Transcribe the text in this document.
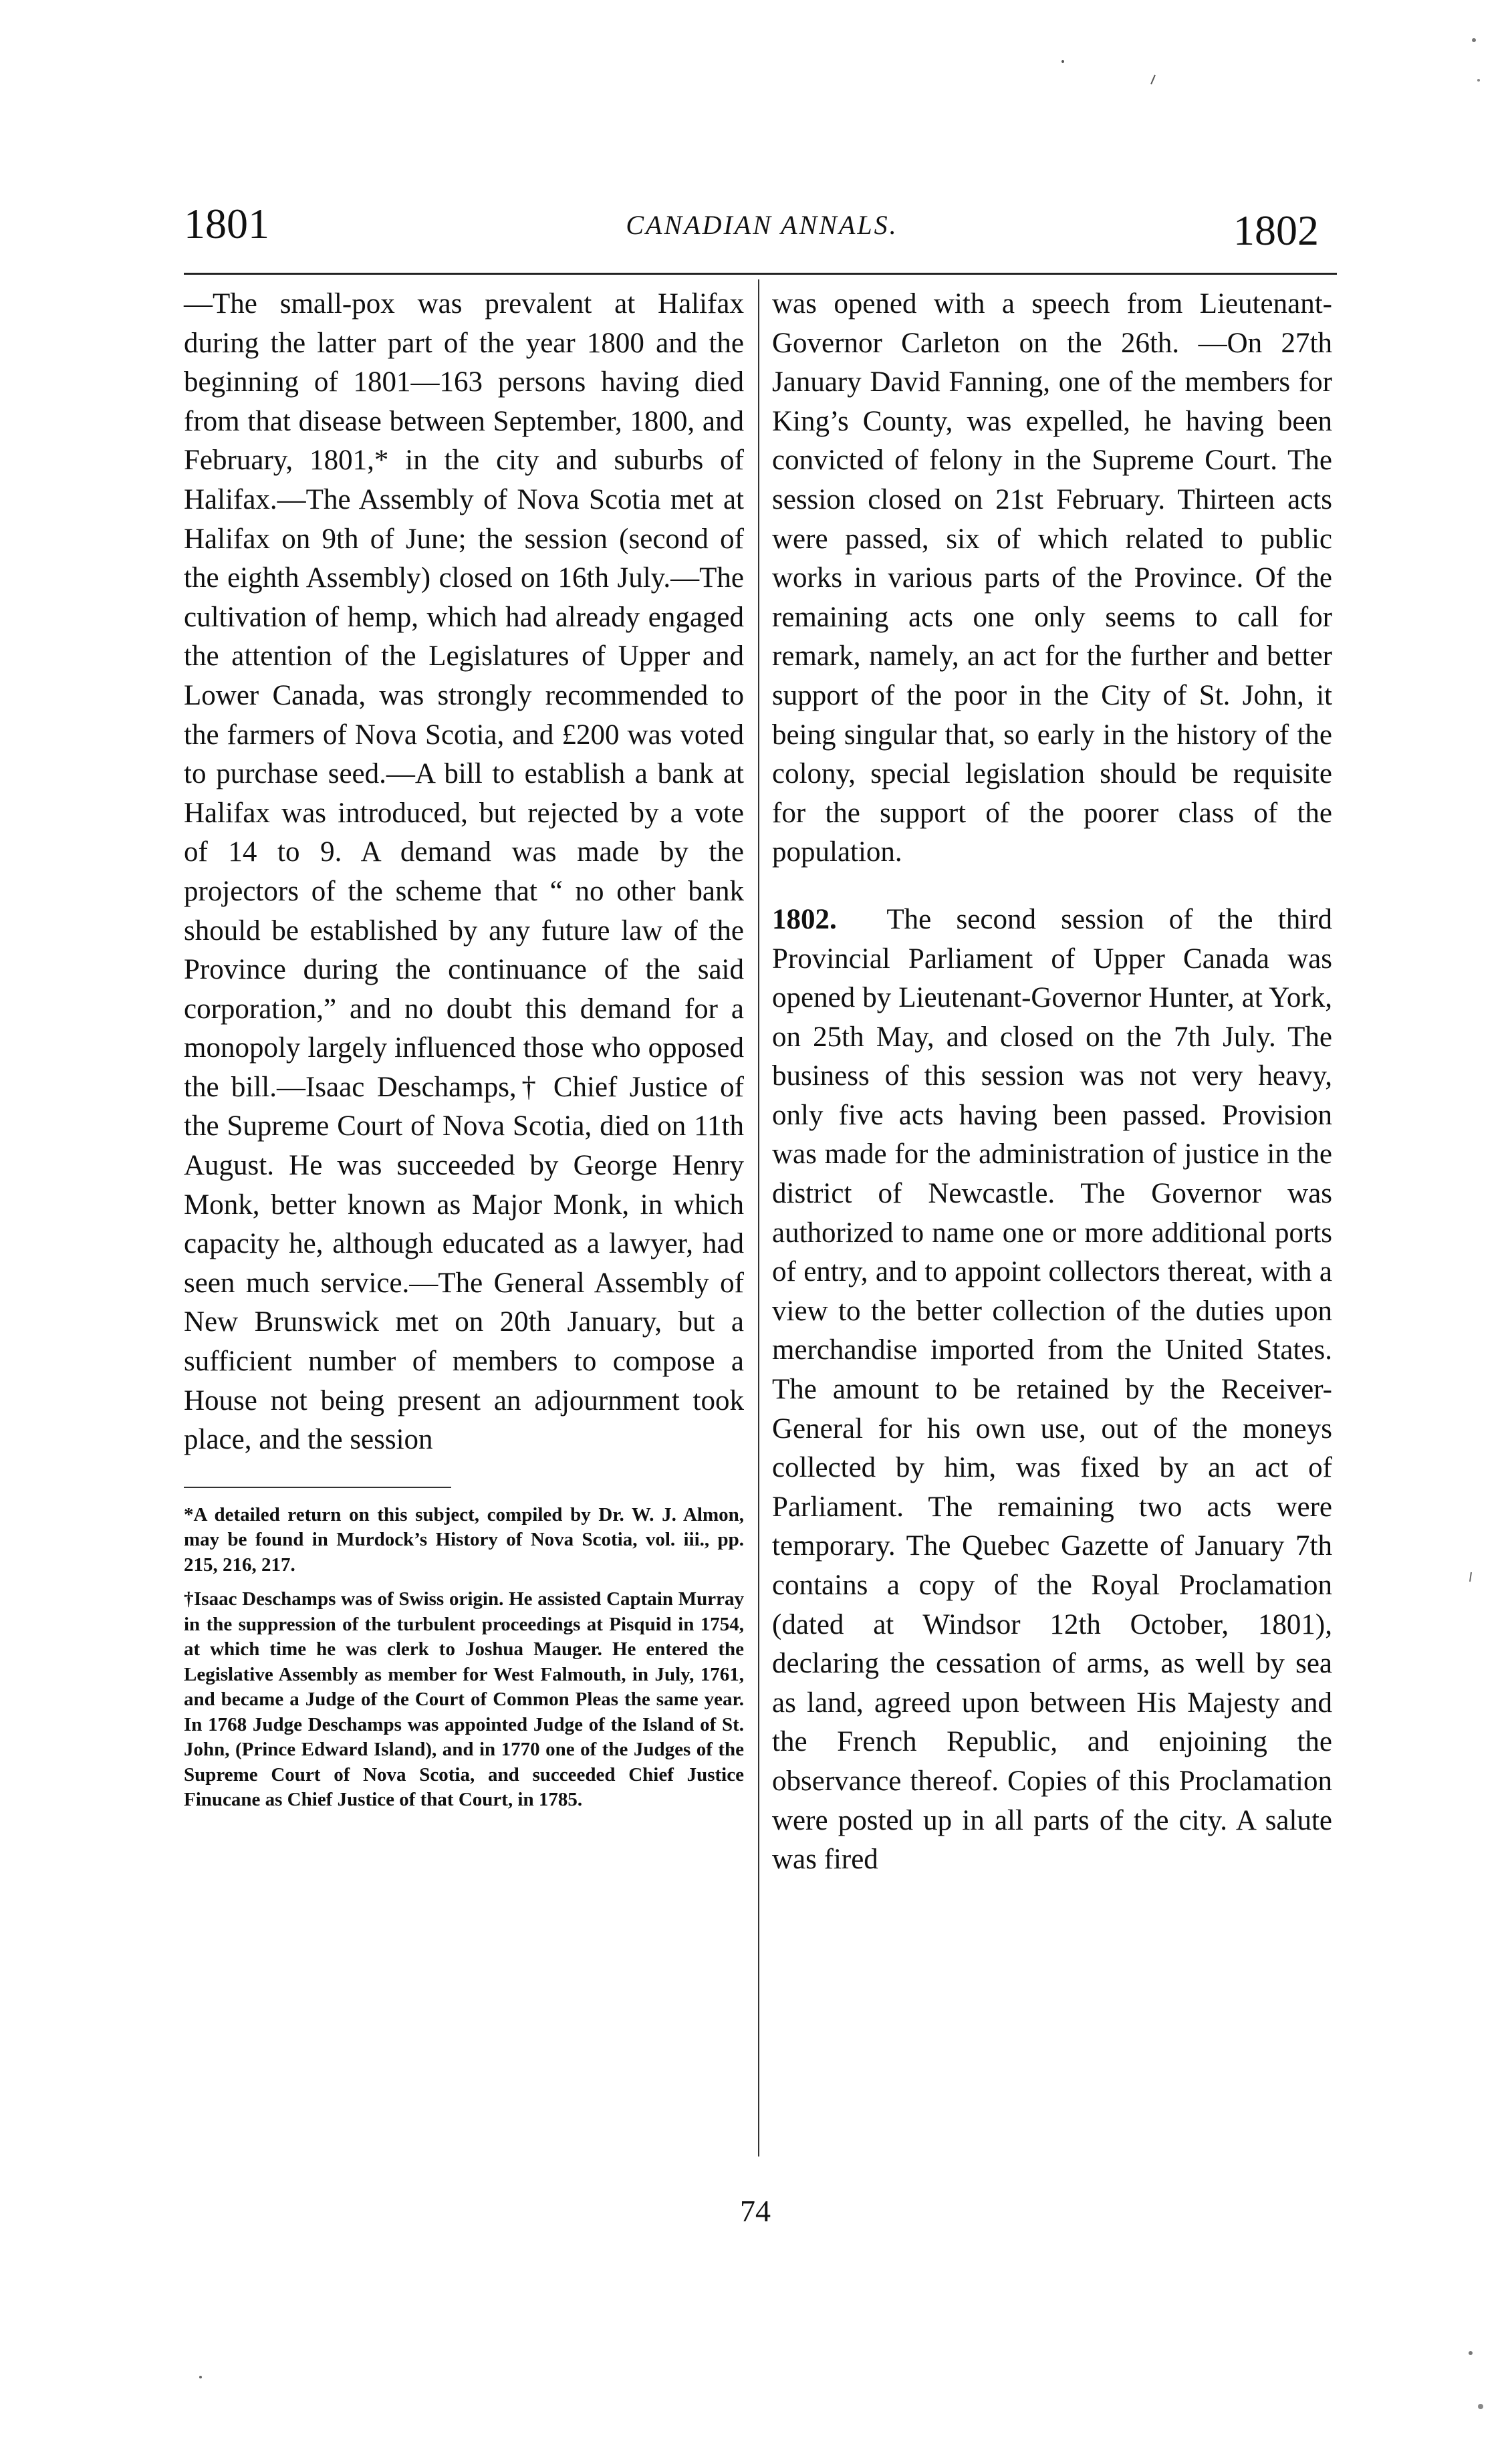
1801	CANADIAN ANNALS.	1802

—The small-pox was prevalent at Halifax during the latter part of the year 1800 and the beginning of 1801—163 persons having died from that disease between September, 1800, and February, 1801,* in the city and suburbs of Halifax.—The Assembly of Nova Scotia met at Halifax on 9th of June; the session (second of the eighth Assembly) closed on 16th July.—The cultivation of hemp, which had already engaged the attention of the Legislatures of Upper and Lower Canada, was strongly recommended to the farmers of Nova Scotia, and £200 was voted to purchase seed.—A bill to establish a bank at Halifax was introduced, but rejected by a vote of 14 to 9. A demand was made by the projectors of the scheme that “ no other bank should be established by any future law of the Province during the continuance of the said corporation,” and no doubt this demand for a monopoly largely influenced those who opposed the bill.—Isaac Deschamps,† Chief Justice of the Supreme Court of Nova Scotia, died on 11th August. He was succeeded by George Henry Monk, better known as Major Monk, in which capacity he, although educated as a lawyer, had seen much service.—The General Assembly of New Brunswick met on 20th January, but a sufficient number of members to compose a House not being present an adjournment took place, and the session

*A detailed return on this subject, compiled by Dr. W. J. Almon, may be found in Murdock’s History of Nova Scotia, vol. iii., pp. 215, 216, 217.

†Isaac Deschamps was of Swiss origin. He assisted Captain Murray in the suppression of the turbulent proceedings at Pisquid in 1754, at which time he was clerk to Joshua Mauger. He entered the Legislative Assembly as member for West Falmouth, in July, 1761, and became a Judge of the Court of Common Pleas the same year. In 1768 Judge Deschamps was appointed Judge of the Island of St. John, (Prince Edward Island), and in 1770 one of the Judges of the Supreme Court of Nova Scotia, and succeeded Chief Justice Finucane as Chief Justice of that Court, in 1785.

was opened with a speech from Lieutenant-Governor Carleton on the 26th. —On 27th January David Fanning, one of the members for King’s County, was expelled, he having been convicted of felony in the Supreme Court. The session closed on 21st February. Thirteen acts were passed, six of which related to public works in various parts of the Province. Of the remaining acts one only seems to call for remark, namely, an act for the further and better support of the poor in the City of St. John, it being singular that, so early in the history of the colony, special legislation should be requisite for the support of the poorer class of the population.

1802. The second session of the third Provincial Parliament of Upper Canada was opened by Lieutenant-Governor Hunter, at York, on 25th May, and closed on the 7th July. The business of this session was not very heavy, only five acts having been passed. Provision was made for the administration of justice in the district of Newcastle. The Governor was authorized to name one or more additional ports of entry, and to appoint collectors thereat, with a view to the better collection of the duties upon merchandise imported from the United States. The amount to be retained by the Receiver-General for his own use, out of the moneys collected by him, was fixed by an act of Parliament. The remaining two acts were temporary. The Quebec Gazette of January 7th contains a copy of the Royal Proclamation (dated at Windsor 12th October, 1801), declaring the cessation of arms, as well by sea as land, agreed upon between His Majesty and the French Republic, and enjoining the observance thereof. Copies of this Proclamation were posted up in all parts of the city. A salute was fired

74
